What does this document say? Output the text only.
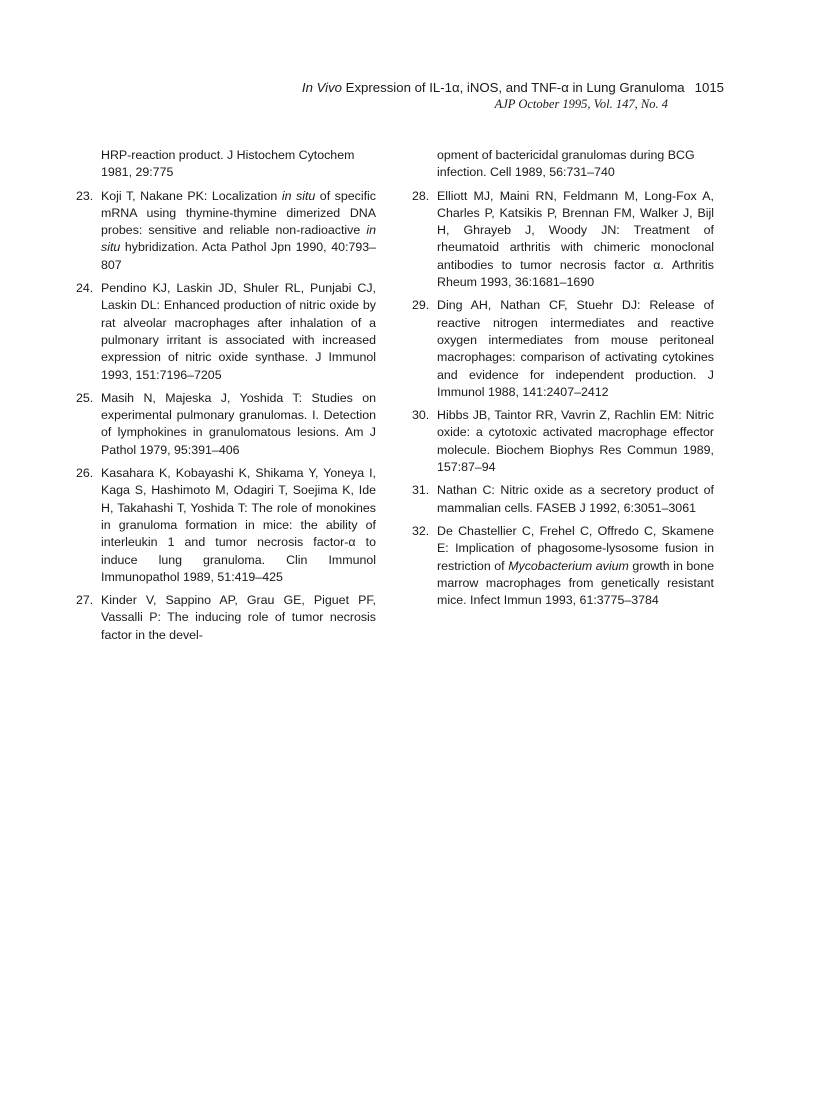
In Vivo Expression of IL-1α, iNOS, and TNF-α in Lung Granuloma 1015
AJP October 1995, Vol. 147, No. 4
HRP-reaction product. J Histochem Cytochem 1981, 29:775
23. Koji T, Nakane PK: Localization in situ of specific mRNA using thymine-thymine dimerized DNA probes: sensitive and reliable non-radioactive in situ hybridization. Acta Pathol Jpn 1990, 40:793–807
24. Pendino KJ, Laskin JD, Shuler RL, Punjabi CJ, Laskin DL: Enhanced production of nitric oxide by rat alveolar macrophages after inhalation of a pulmonary irritant is associated with increased expression of nitric oxide synthase. J Immunol 1993, 151:7196–7205
25. Masih N, Majeska J, Yoshida T: Studies on experimental pulmonary granulomas. I. Detection of lymphokines in granulomatous lesions. Am J Pathol 1979, 95:391–406
26. Kasahara K, Kobayashi K, Shikama Y, Yoneya I, Kaga S, Hashimoto M, Odagiri T, Soejima K, Ide H, Takahashi T, Yoshida T: The role of monokines in granuloma formation in mice: the ability of interleukin 1 and tumor necrosis factor-α to induce lung granuloma. Clin Immunol Immunopathol 1989, 51:419–425
27. Kinder V, Sappino AP, Grau GE, Piguet PF, Vassalli P: The inducing role of tumor necrosis factor in the devel-
opment of bactericidal granulomas during BCG infection. Cell 1989, 56:731–740
28. Elliott MJ, Maini RN, Feldmann M, Long-Fox A, Charles P, Katsikis P, Brennan FM, Walker J, Bijl H, Ghrayeb J, Woody JN: Treatment of rheumatoid arthritis with chimeric monoclonal antibodies to tumor necrosis factor α. Arthritis Rheum 1993, 36:1681–1690
29. Ding AH, Nathan CF, Stuehr DJ: Release of reactive nitrogen intermediates and reactive oxygen intermediates from mouse peritoneal macrophages: comparison of activating cytokines and evidence for independent production. J Immunol 1988, 141:2407–2412
30. Hibbs JB, Taintor RR, Vavrin Z, Rachlin EM: Nitric oxide: a cytotoxic activated macrophage effector molecule. Biochem Biophys Res Commun 1989, 157:87–94
31. Nathan C: Nitric oxide as a secretory product of mammalian cells. FASEB J 1992, 6:3051–3061
32. De Chastellier C, Frehel C, Offredo C, Skamene E: Implication of phagosome-lysosome fusion in restriction of Mycobacterium avium growth in bone marrow macrophages from genetically resistant mice. Infect Immun 1993, 61:3775–3784
